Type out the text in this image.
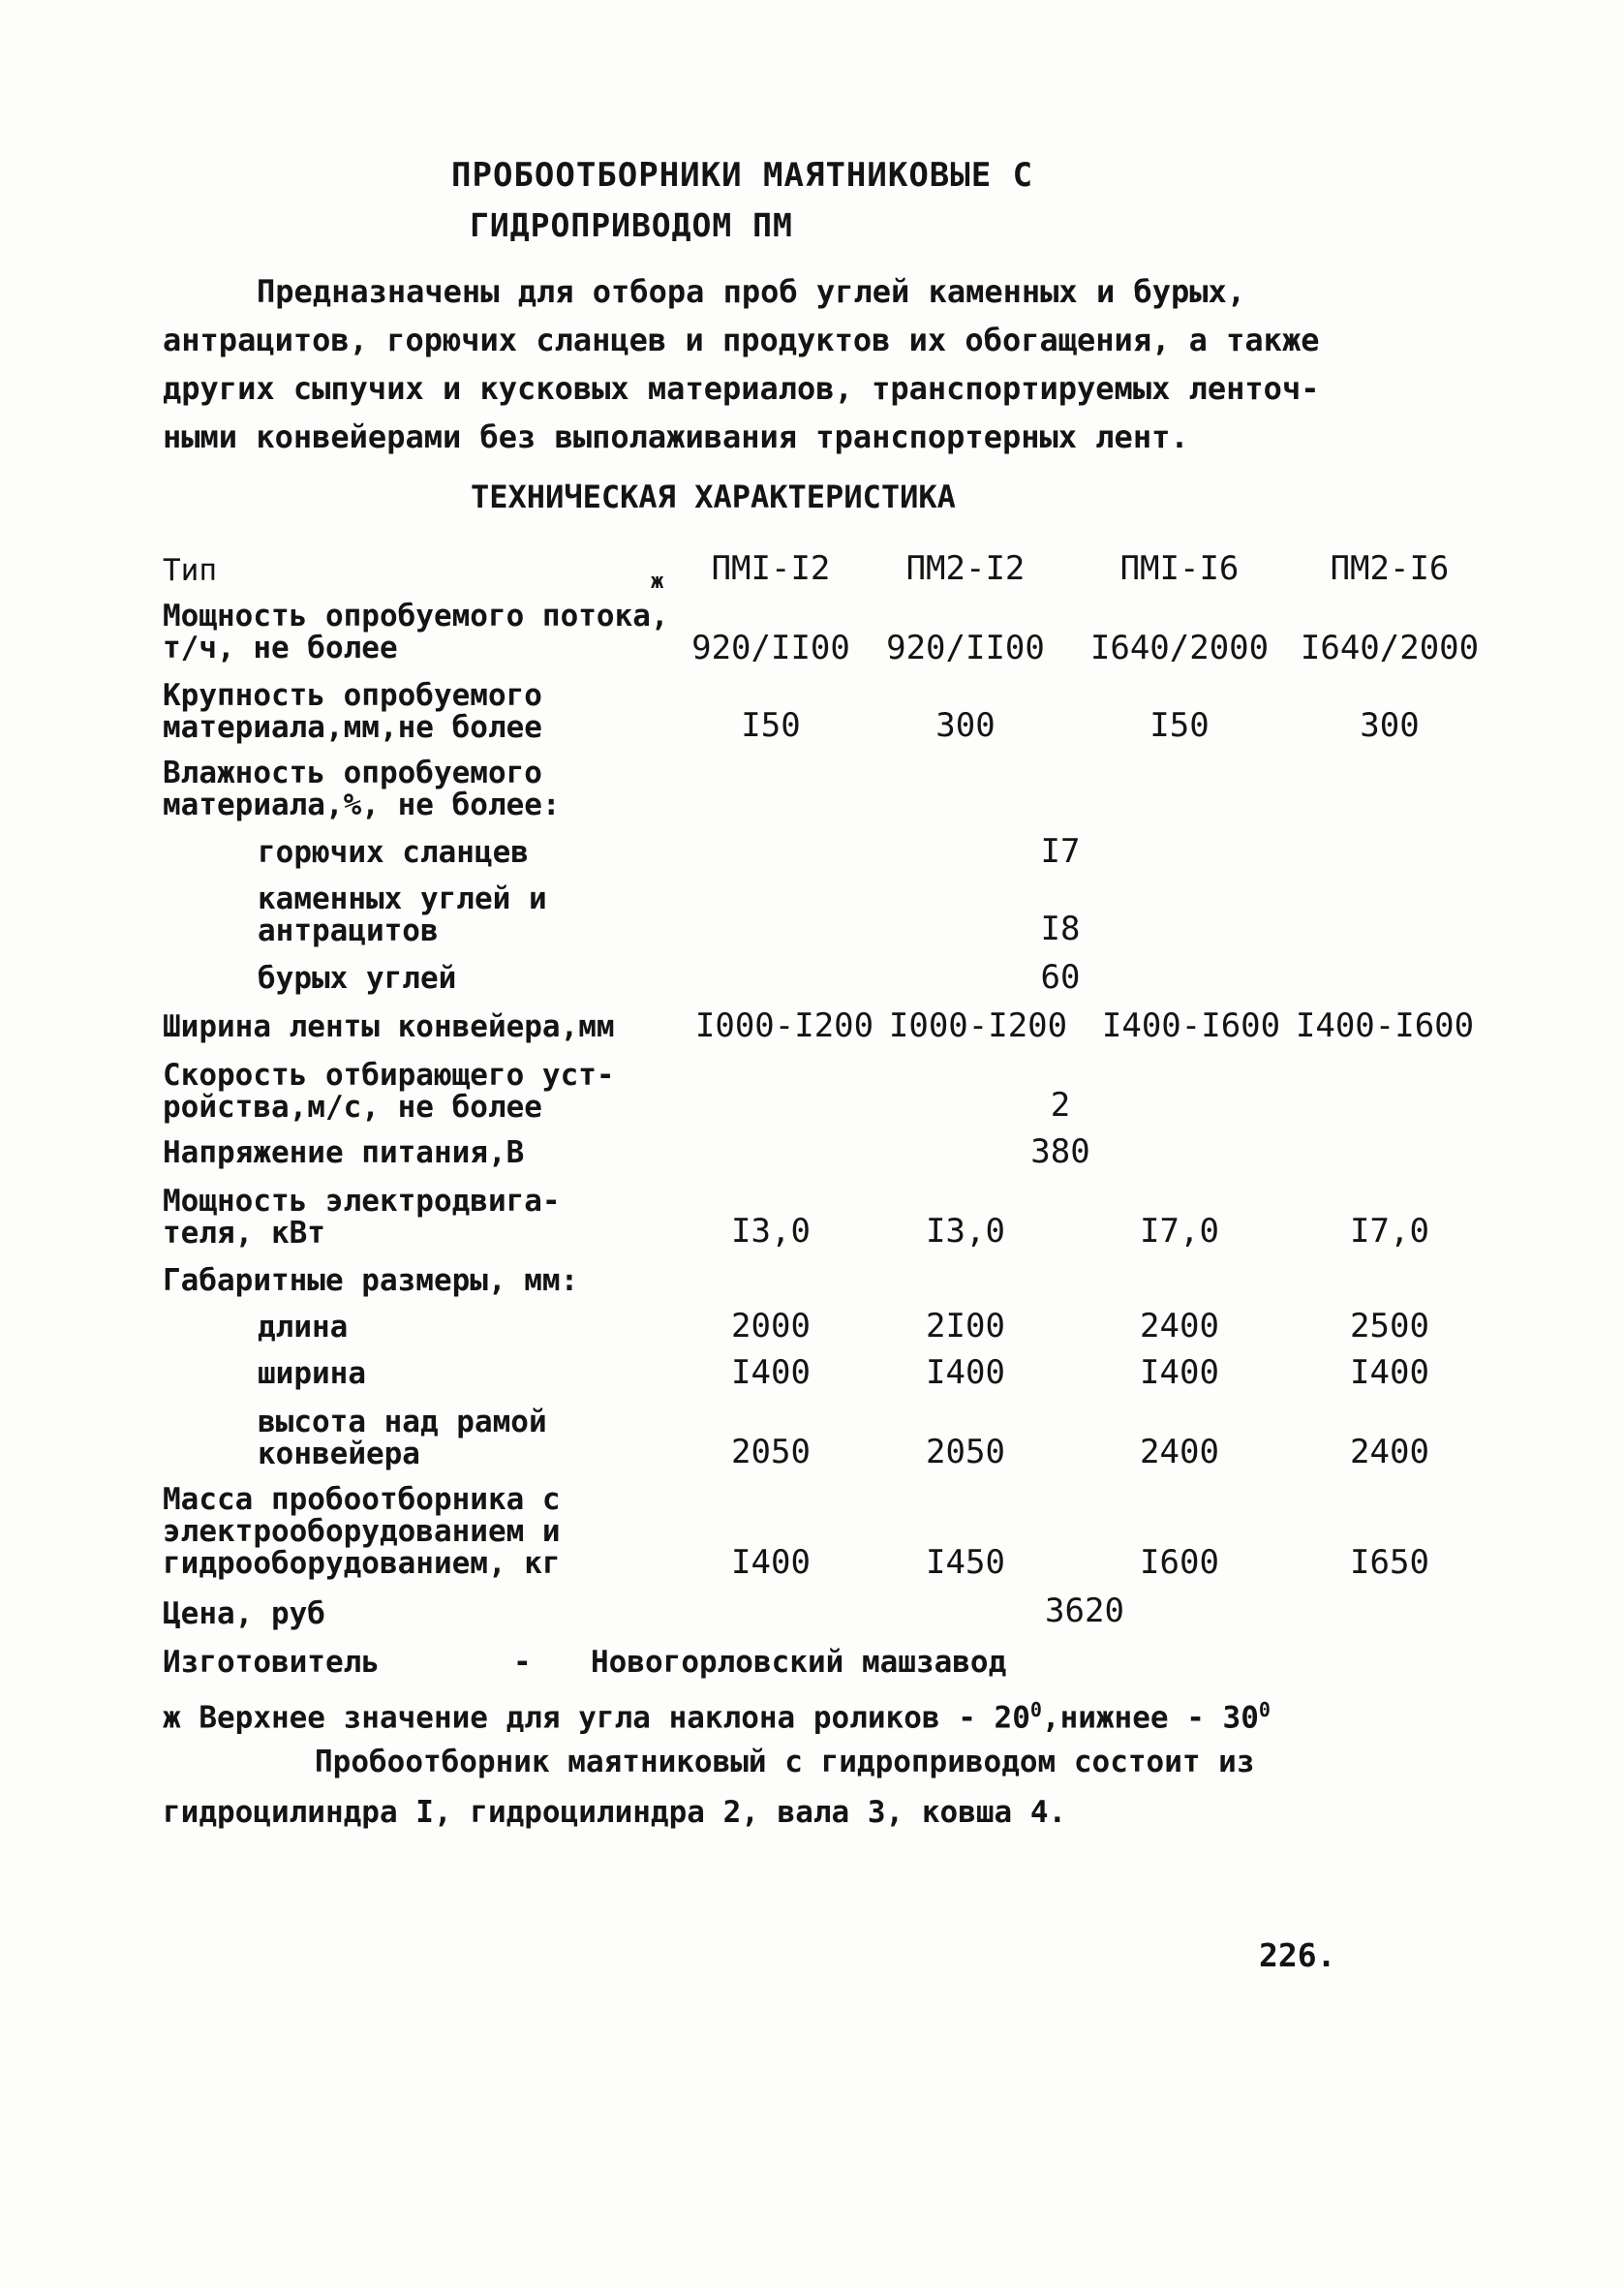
ПРОБООТБОРНИКИ МАЯТНИКОВЫЕ С
ГИДРОПРИВОДОМ ПМ
Предназначены для отбора проб углей каменных и бурых,
антрацитов, горючих сланцев и продуктов их обогащения, а также
других сыпучих и кусковых материалов, транспортируемых ленточ-
ными конвейерами без выполаживания транспортерных лент.
ТЕХНИЧЕСКАЯ ХАРАКТЕРИСТИКА
Тип	ПМI-I2	ПМ2-I2	ПМI-I6	ПМ2-I6
ж
Мощность опробуемого потока,
т/ч, не более	920/II00	920/II00	I640/2000 I640/2000
Крупность опробуемого
материала,мм,не более	I50	300	I50	300
Влажность опробуемого
материала,%, не более:
горючих сланцев	I7
каменных углей и
антрацитов	I8
бурых углей	60
Ширина ленты конвейера,мм	I000-I200 I000-I200	I400-I600 I400-I600
Скорость отбирающего уст-
ройства,м/с, не более	2
Напряжение питания,В	380
Мощность электродвига-
теля, кВт	I3,0	I3,0	I7,0	I7,0
Габаритные размеры, мм:
длина	2000	2I00	2400	2500
ширина	I400	I400	I400	I400
высота над рамой
конвейера	2050	2050	2400	2400
Масса пробоотборника с
электрооборудованием и
гидрооборудованием, кг	I400	I450	I600	I650
Цена, руб	3620
Изготовитель	- Новогорловский машзавод
ж Верхнее значение для угла наклона роликов - $20^0,нижнее - 30^0$
Пробоотборник маятниковый с гидроприводом состоит из
гидроцилиндра I, гидроцилиндра 2, вала 3, ковша 4.
226.
